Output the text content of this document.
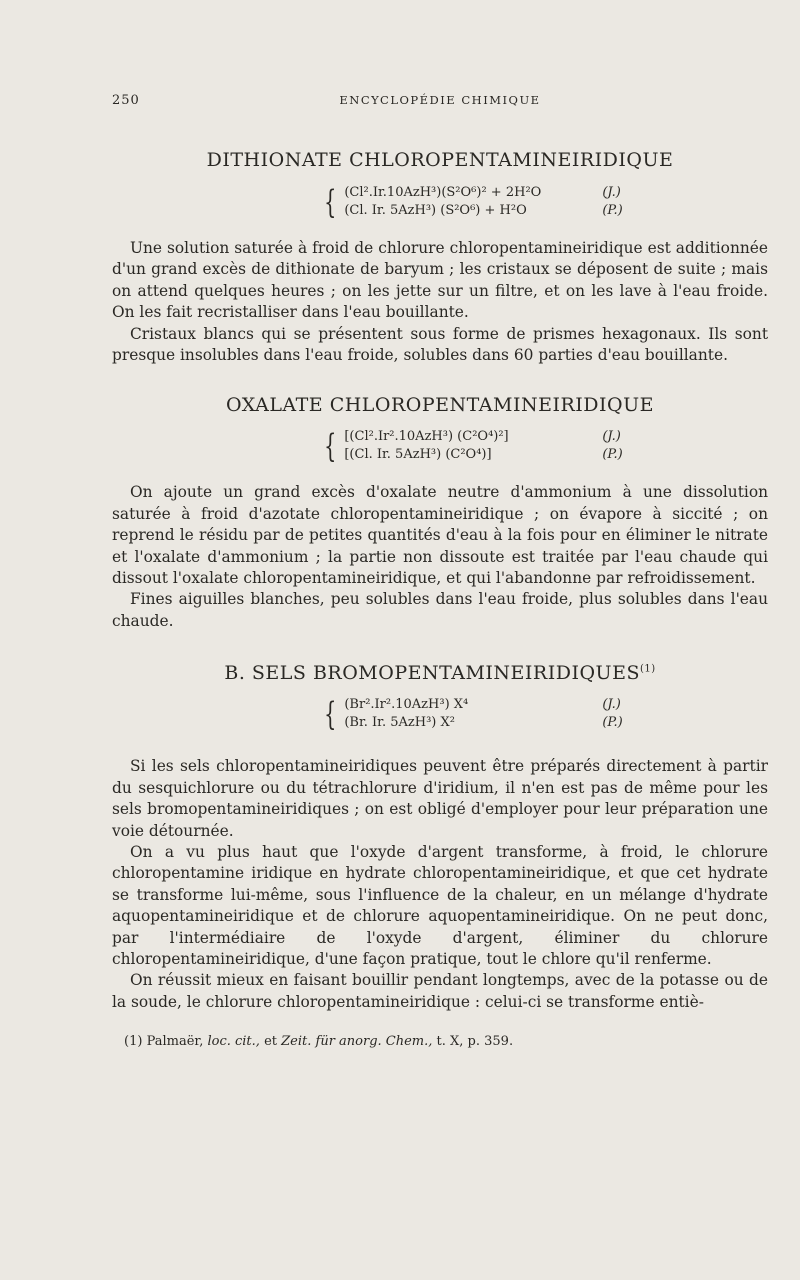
250	ENCYCLOPÉDIE CHIMIQUE
DITHIONATE CHLOROPENTAMINEIRIDIQUE
{ (Cl².Ir.10AzH³)(S²O⁶)² + 2H²O	(J.)
(Cl. Ir. 5AzH³) (S²O⁶) + H²O	(P.)

Une solution saturée à froid de chlorure chloropentamineiridique est additionnée d'un grand excès de dithionate de baryum ; les cristaux se déposent de suite ; mais on attend quelques heures ; on les jette sur un filtre, et on les lave à l'eau froide. On les fait recristalliser dans l'eau bouillante.

Cristaux blancs qui se présentent sous forme de prismes hexagonaux. Ils sont presque insolubles dans l'eau froide, solubles dans 60 parties d'eau bouillante.

OXALATE CHLOROPENTAMINEIRIDIQUE
{ [(Cl².Ir².10AzH³) (C²O⁴)²]	(J.)
[(Cl. Ir. 5AzH³) (C²O⁴)]	(P.)

On ajoute un grand excès d'oxalate neutre d'ammonium à une dissolution saturée à froid d'azotate chloropentamineiridique ; on évapore à siccité ; on reprend le résidu par de petites quantités d'eau à la fois pour en éliminer le nitrate et l'oxalate d'ammonium ; la partie non dissoute est traitée par l'eau chaude qui dissout l'oxalate chloropentamineiridique, et qui l'abandonne par refroidissement.

Fines aiguilles blanches, peu solubles dans l'eau froide, plus solubles dans l'eau chaude.

B. SELS BROMOPENTAMINEIRIDIQUES$^{(1)}$
{ (Br².Ir².10AzH³) X⁴	(J.)
(Br. Ir. 5AzH³) X²	(P.)

Si les sels chloropentamineiridiques peuvent être préparés directement à partir du sesquichlorure ou du tétrachlorure d'iridium, il n'en est pas de même pour les sels bromopentamineiridiques ; on est obligé d'employer pour leur préparation une voie détournée.

On a vu plus haut que l'oxyde d'argent transforme, à froid, le chlorure chloropentamine iridique en hydrate chloropentamineiridique, et que cet hydrate se transforme lui-même, sous l'influence de la chaleur, en un mélange d'hydrate aquopentamineiridique et de chlorure aquopentamineiridique. On ne peut donc, par l'intermédiaire de l'oxyde d'argent, éliminer du chlorure chloropentamineiridique, d'une façon pratique, tout le chlore qu'il renferme.

On réussit mieux en faisant bouillir pendant longtemps, avec de la potasse ou de la soude, le chlorure chloropentamineiridique : celui-ci se transforme entiè-

(1) Palmaër, loc. cit., et Zeit. für anorg. Chem., t. X, p. 359.
